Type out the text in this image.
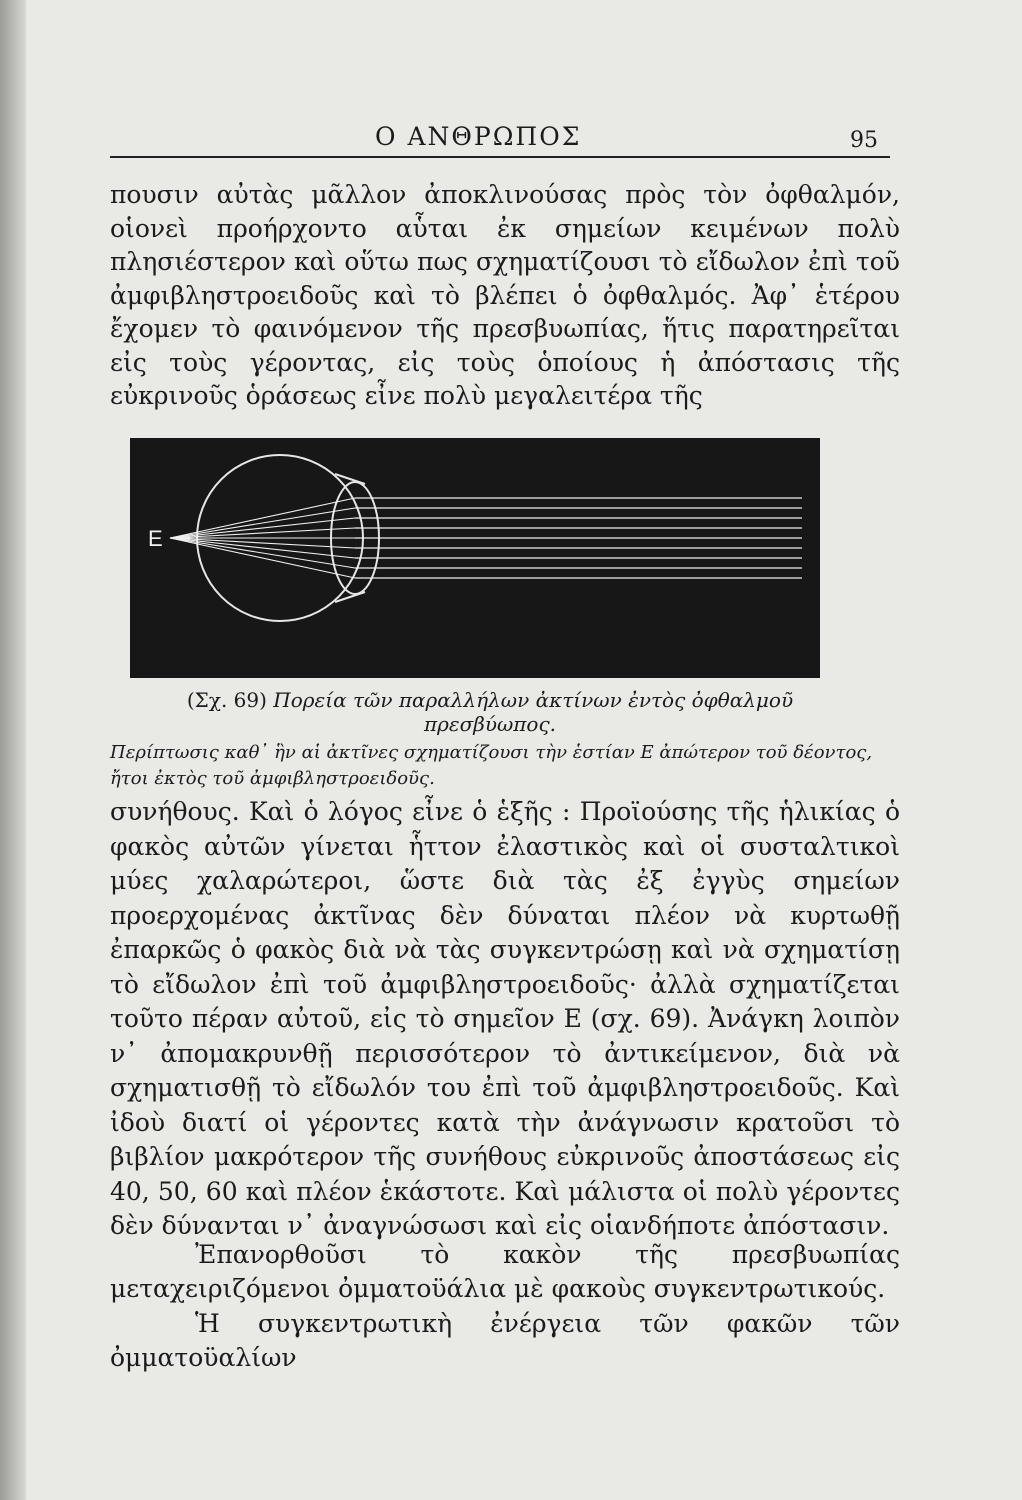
Ο ΑΝΘΡΩΠΟΣ	95

πουσιν αὐτὰς μᾶλλον ἀποκλινούσας πρὸς τὸν ὀφθαλμόν, οἱονεὶ προήρχοντο αὗται ἐκ σημείων κειμένων πολὺ πλησιέστερον καὶ οὕτω πως σχηματίζουσι τὸ εἴδωλον ἐπὶ τοῦ ἀμφιβληστροειδοῦς καὶ τὸ βλέπει ὁ ὀφθαλμός. Ἀφ᾽ ἑτέρου ἔχομεν τὸ φαινόμενον τῆς πρεσβυωπίας, ἥτις παρατηρεῖται εἰς τοὺς γέροντας, εἰς τοὺς ὁποίους ἡ ἀπόστασις τῆς εὐκρινοῦς ὁράσεως εἶνε πολὺ μεγαλειτέρα τῆς

Ε
(Σχ. 69) Πορεία τῶν παραλλήλων ἀκτίνων ἐντὸς ὀφθαλμοῦ πρεσβύωπος.
Περίπτωσις καθ᾽ ἣν αἱ ἀκτῖνες σχηματίζουσι τὴν ἑστίαν Ε ἀπώτερον τοῦ δέοντος, ἤτοι ἐκτὸς τοῦ ἀμφιβληστροειδοῦς.

συνήθους. Καὶ ὁ λόγος εἶνε ὁ ἑξῆς : Προϊούσης τῆς ἡλικίας ὁ φακὸς αὐτῶν γίνεται ἧττον ἐλαστικὸς καὶ οἱ συσταλτικοὶ μύες χαλαρώτεροι, ὥστε διὰ τὰς ἐξ ἐγγὺς σημείων προερχομένας ἀκτῖνας δὲν δύναται πλέον νὰ κυρτωθῇ ἐπαρκῶς ὁ φακὸς διὰ νὰ τὰς συγκεντρώσῃ καὶ νὰ σχηματίσῃ τὸ εἴδωλον ἐπὶ τοῦ ἀμφιβληστροειδοῦς· ἀλλὰ σχηματίζεται τοῦτο πέραν αὐτοῦ, εἰς τὸ σημεῖον Ε (σχ. 69). Ἀνάγκη λοιπὸν ν᾽ ἀπομακρυνθῇ περισσότερον τὸ ἀντικείμενον, διὰ νὰ σχηματισθῇ τὸ εἴδωλόν του ἐπὶ τοῦ ἀμφιβληστροειδοῦς. Καὶ ἰδοὺ διατί οἱ γέροντες κατὰ τὴν ἀνάγνωσιν κρατοῦσι τὸ βιβλίον μακρότερον τῆς συνήθους εὐκρινοῦς ἀποστάσεως εἰς 40, 50, 60 καὶ πλέον ἑκάστοτε. Καὶ μάλιστα οἱ πολὺ γέροντες δὲν δύνανται ν᾽ ἀναγνώσωσι καὶ εἰς οἱανδήποτε ἀπόστασιν.

Ἐπανορθοῦσι τὸ κακὸν τῆς πρεσβυωπίας μεταχειριζόμενοι ὀμματοϋάλια μὲ φακοὺς συγκεντρωτικούς.

Ἡ συγκεντρωτικὴ ἐνέργεια τῶν φακῶν τῶν ὀμματοϋαλίων
